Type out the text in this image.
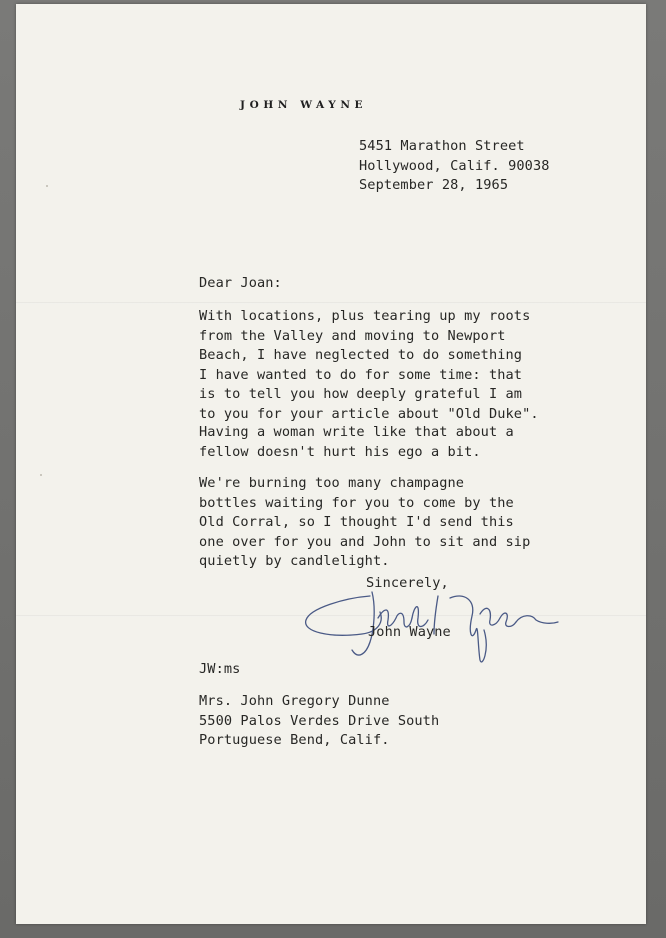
JOHN WAYNE
5451 Marathon Street
Hollywood, Calif. 90038
September 28, 1965
Dear Joan:
With locations, plus tearing up my roots
from the Valley and moving to Newport
Beach, I have neglected to do something
I have wanted to do for some time: that
is to tell you how deeply grateful I am
to you for your article about "Old Duke".
Having a woman write like that about a
fellow doesn't hurt his ego a bit.
We're burning too many champagne
bottles waiting for you to come by the
Old Corral, so I thought I'd send this
one over for you and John to sit and sip
quietly by candlelight.
Sincerely,
John Wayne
JW:ms
Mrs. John Gregory Dunne
5500 Palos Verdes Drive South
Portuguese Bend, Calif.
